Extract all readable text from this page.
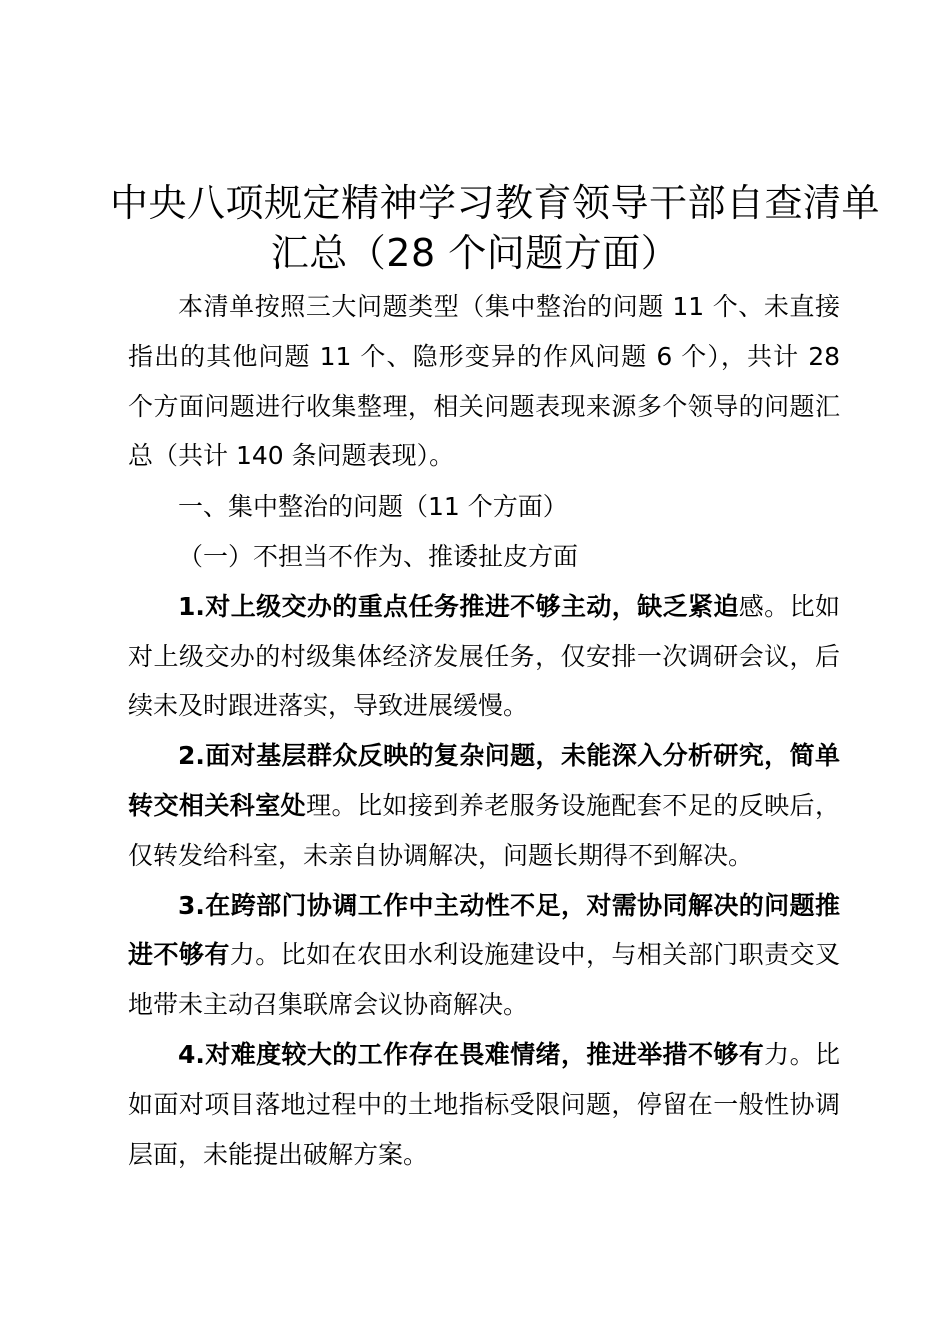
中央八项规定精神学习教育领导干部自查清单
汇总（28 个问题方面）

本清单按照三大问题类型（集中整治的问题 11 个、未直接指出的其他问题 11 个、隐形变异的作风问题 6 个），共计 28 个方面问题进行收集整理，相关问题表现来源多个领导的问题汇总（共计 140 条问题表现）。

一、集中整治的问题（11 个方面）

（一）不担当不作为、推诿扯皮方面

1.对上级交办的重点任务推进不够主动，缺乏紧迫感。比如对上级交办的村级集体经济发展任务，仅安排一次调研会议，后续未及时跟进落实，导致进展缓慢。

2.面对基层群众反映的复杂问题，未能深入分析研究，简单转交相关科室处理。比如接到养老服务设施配套不足的反映后，仅转发给科室，未亲自协调解决，问题长期得不到解决。

3.在跨部门协调工作中主动性不足，对需协同解决的问题推进不够有力。比如在农田水利设施建设中，与相关部门职责交叉地带未主动召集联席会议协商解决。

4.对难度较大的工作存在畏难情绪，推进举措不够有力。比如面对项目落地过程中的土地指标受限问题，停留在一般性协调层面，未能提出破解方案。
